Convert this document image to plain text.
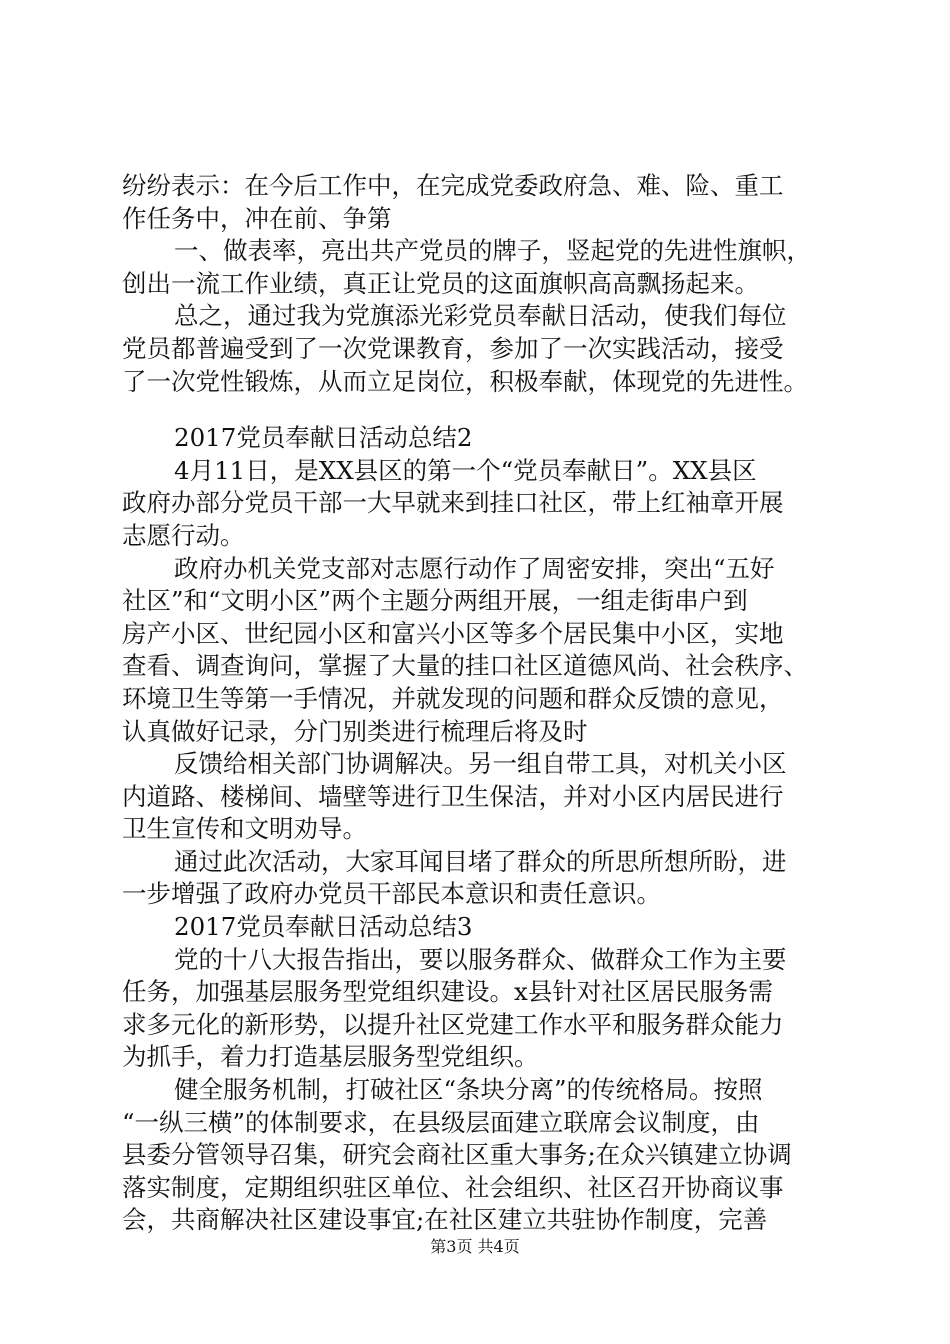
纷纷表示：在今后工作中，在完成党委政府急、难、险、重工
作任务中，冲在前、争第
一、做表率，亮出共产党员的牌子，竖起党的先进性旗帜，
创出一流工作业绩，真正让党员的这面旗帜高高飘扬起来。
总之，通过我为党旗添光彩党员奉献日活动，使我们每位
党员都普遍受到了一次党课教育，参加了一次实践活动，接受
了一次党性锻炼，从而立足岗位，积极奉献，体现党的先进性。
2017党员奉献日活动总结2
4月11日，是XX县区的第一个“党员奉献日”。XX县区
政府办部分党员干部一大早就来到挂口社区，带上红袖章开展
志愿行动。
政府办机关党支部对志愿行动作了周密安排，突出“五好
社区”和“文明小区”两个主题分两组开展，一组走街串户到
房产小区、世纪园小区和富兴小区等多个居民集中小区，实地
查看、调查询问，掌握了大量的挂口社区道德风尚、社会秩序、
环境卫生等第一手情况，并就发现的问题和群众反馈的意见，
认真做好记录，分门别类进行梳理后将及时
反馈给相关部门协调解决。另一组自带工具，对机关小区
内道路、楼梯间、墙壁等进行卫生保洁，并对小区内居民进行
卫生宣传和文明劝导。
通过此次活动，大家耳闻目堵了群众的所思所想所盼，进
一步增强了政府办党员干部民本意识和责任意识。
2017党员奉献日活动总结3
党的十八大报告指出，要以服务群众、做群众工作为主要
任务，加强基层服务型党组织建设。x县针对社区居民服务需
求多元化的新形势，以提升社区党建工作水平和服务群众能力
为抓手，着力打造基层服务型党组织。
健全服务机制，打破社区“条块分离”的传统格局。按照
“一纵三横”的体制要求，在县级层面建立联席会议制度，由
县委分管领导召集，研究会商社区重大事务;在众兴镇建立协调
落实制度，定期组织驻区单位、社会组织、社区召开协商议事
会，共商解决社区建设事宜;在社区建立共驻协作制度，完善
第3页 共4页
